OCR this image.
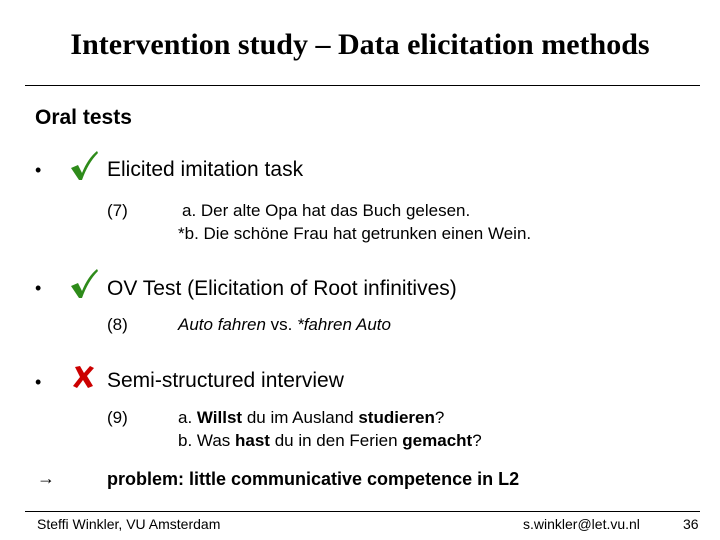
Intervention study – Data elicitation methods
Oral tests
•	Elicited imitation task
(7)	a. Der alte Opa hat das Buch gelesen.
*b. Die schöne Frau hat getrunken einen Wein.
•	OV Test (Elicitation of Root infinitives)
(8)	Auto fahren vs. *fahren Auto
•	Semi-structured interview
(9)	a. Willst du im Ausland studieren?
b. Was hast du in den Ferien gemacht?
→	problem: little communicative competence in L2
Steffi Winkler, VU Amsterdam	s.winkler@let.vu.nl	36
